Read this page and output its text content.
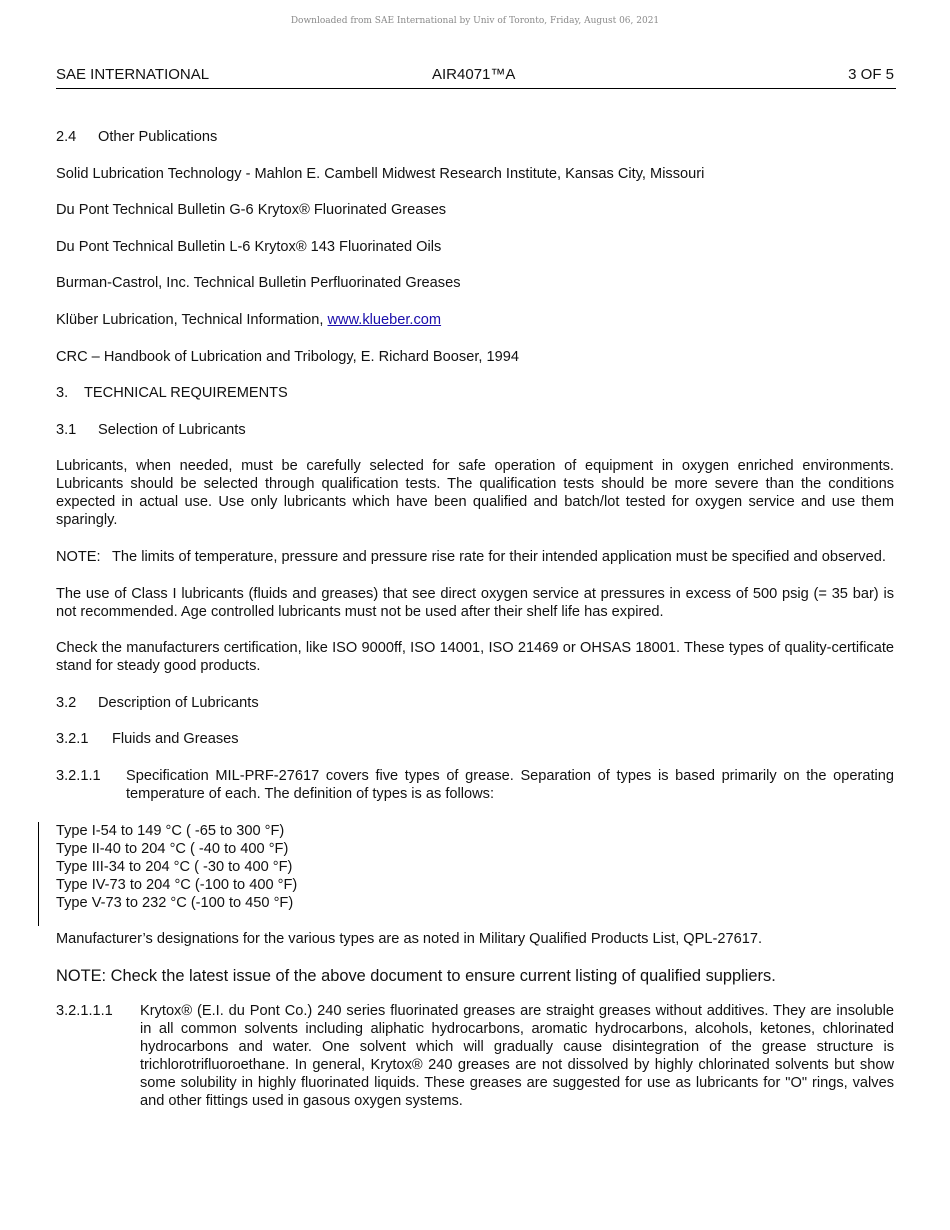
Downloaded from SAE International by Univ of Toronto, Friday, August 06, 2021
SAE INTERNATIONAL	AIR4071™A	3 OF 5
2.4 Other Publications
Solid Lubrication Technology - Mahlon E. Cambell Midwest Research Institute, Kansas City, Missouri
Du Pont Technical Bulletin G-6 Krytox® Fluorinated Greases
Du Pont Technical Bulletin L-6 Krytox® 143 Fluorinated Oils
Burman-Castrol, Inc. Technical Bulletin Perfluorinated Greases
Klüber Lubrication, Technical Information, www.klueber.com
CRC – Handbook of Lubrication and Tribology, E. Richard Booser, 1994
3. TECHNICAL REQUIREMENTS
3.1 Selection of Lubricants
Lubricants, when needed, must be carefully selected for safe operation of equipment in oxygen enriched environments. Lubricants should be selected through qualification tests. The qualification tests should be more severe than the conditions expected in actual use. Use only lubricants which have been qualified and batch/lot tested for oxygen service and use them sparingly.
NOTE: The limits of temperature, pressure and pressure rise rate for their intended application must be specified and observed.
The use of Class I lubricants (fluids and greases) that see direct oxygen service at pressures in excess of 500 psig (= 35 bar) is not recommended. Age controlled lubricants must not be used after their shelf life has expired.
Check the manufacturers certification, like ISO 9000ff, ISO 14001, ISO 21469 or OHSAS 18001. These types of quality-certificate stand for steady good products.
3.2 Description of Lubricants
3.2.1 Fluids and Greases
3.2.1.1	Specification MIL-PRF-27617 covers five types of grease. Separation of types is based primarily on the operating temperature of each. The definition of types is as follows:
Type I-54 to 149 °C ( -65 to 300 °F)
Type II-40 to 204 °C ( -40 to 400 °F)
Type III-34 to 204 °C ( -30 to 400 °F)
Type IV-73 to 204 °C (-100 to 400 °F)
Type V-73 to 232 °C (-100 to 450 °F)
Manufacturer’s designations for the various types are as noted in Military Qualified Products List, QPL-27617.
NOTE: Check the latest issue of the above document to ensure current listing of qualified suppliers.
3.2.1.1.1	Krytox® (E.I. du Pont Co.) 240 series fluorinated greases are straight greases without additives. They are insoluble in all common solvents including aliphatic hydrocarbons, aromatic hydrocarbons, alcohols, ketones, chlorinated hydrocarbons and water. One solvent which will gradually cause disintegration of the grease structure is trichlorotrifluoroethane. In general, Krytox® 240 greases are not dissolved by highly chlorinated solvents but show some solubility in highly fluorinated liquids. These greases are suggested for use as lubricants for "O" rings, valves and other fittings used in gasous oxygen systems.
